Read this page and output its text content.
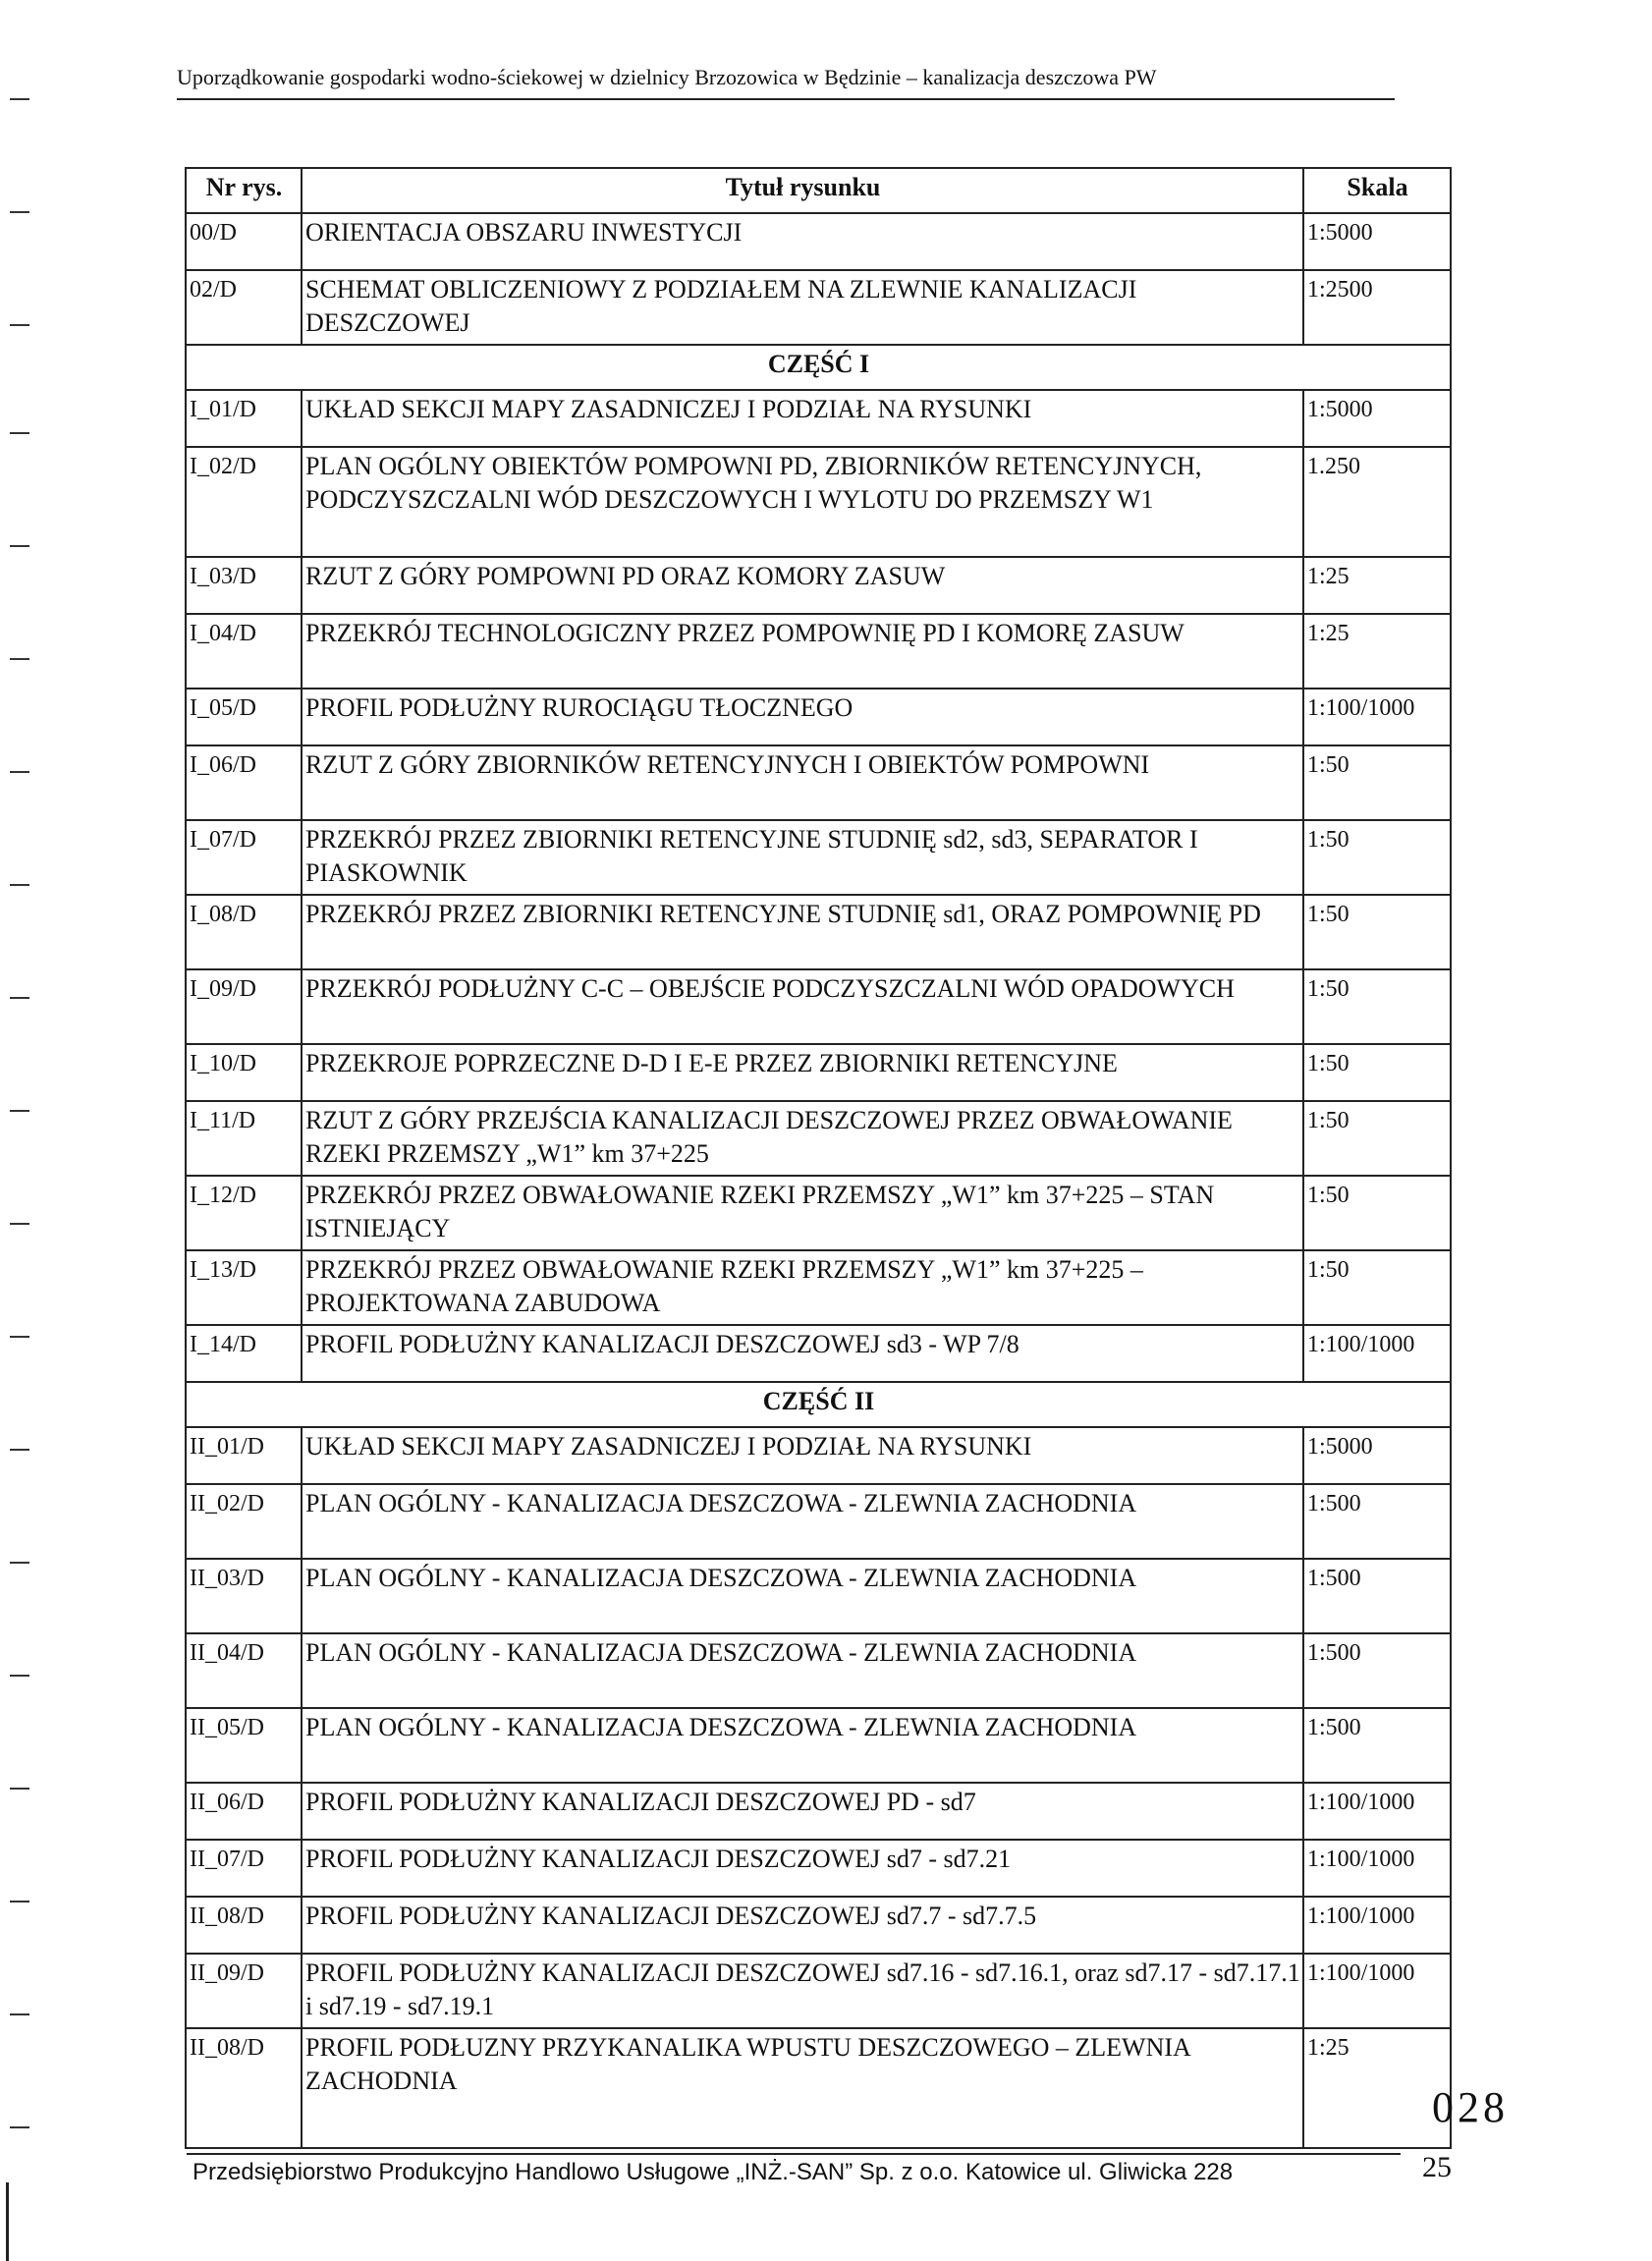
Uporządkowanie gospodarki wodno-ściekowej w dzielnicy Brzozowica w Będzinie – kanalizacja deszczowa PW
Nr rys.	Tytuł rysunku	Skala
00/D	ORIENTACJA OBSZARU INWESTYCJI	1:5000
02/D	SCHEMAT OBLICZENIOWY Z PODZIAŁEM NA ZLEWNIE KANALIZACJI DESZCZOWEJ	1:2500
CZĘŚĆ I		
I_01/D	UKŁAD SEKCJI MAPY ZASADNICZEJ I PODZIAŁ NA RYSUNKI	1:5000
I_02/D	PLAN OGÓLNY OBIEKTÓW POMPOWNI PD, ZBIORNIKÓW RETENCYJNYCH, PODCZYSZCZALNI WÓD DESZCZOWYCH I WYLOTU DO PRZEMSZY W1	1.250
I_03/D	RZUT Z GÓRY POMPOWNI PD ORAZ KOMORY ZASUW	1:25
I_04/D	PRZEKRÓJ TECHNOLOGICZNY PRZEZ POMPOWNIĘ PD I KOMORĘ ZASUW	1:25
I_05/D	PROFIL PODŁUŻNY RUROCIĄGU TŁOCZNEGO	1:100/1000
I_06/D	RZUT Z GÓRY ZBIORNIKÓW RETENCYJNYCH I OBIEKTÓW POMPOWNI	1:50
I_07/D	PRZEKRÓJ PRZEZ ZBIORNIKI RETENCYJNE STUDNIĘ sd2, sd3, SEPARATOR I PIASKOWNIK	1:50
I_08/D	PRZEKRÓJ PRZEZ ZBIORNIKI RETENCYJNE STUDNIĘ sd1, ORAZ POMPOWNIĘ PD	1:50
I_09/D	PRZEKRÓJ PODŁUŻNY C-C – OBEJŚCIE PODCZYSZCZALNI WÓD OPADOWYCH	1:50
I_10/D	PRZEKROJE POPRZECZNE D-D I E-E PRZEZ ZBIORNIKI RETENCYJNE	1:50
I_11/D	RZUT Z GÓRY PRZEJŚCIA KANALIZACJI DESZCZOWEJ PRZEZ OBWAŁOWANIE RZEKI PRZEMSZY „W1” km 37+225	1:50
I_12/D	PRZEKRÓJ PRZEZ OBWAŁOWANIE RZEKI PRZEMSZY „W1” km 37+225 – STAN ISTNIEJĄCY	1:50
I_13/D	PRZEKRÓJ PRZEZ OBWAŁOWANIE RZEKI PRZEMSZY „W1” km 37+225 – PROJEKTOWANA ZABUDOWA	1:50
I_14/D	PROFIL PODŁUŻNY KANALIZACJI DESZCZOWEJ sd3 - WP 7/8	1:100/1000
CZĘŚĆ II		
II_01/D	UKŁAD SEKCJI MAPY ZASADNICZEJ I PODZIAŁ NA RYSUNKI	1:5000
II_02/D	PLAN OGÓLNY - KANALIZACJA DESZCZOWA - ZLEWNIA ZACHODNIA	1:500
II_03/D	PLAN OGÓLNY - KANALIZACJA DESZCZOWA - ZLEWNIA ZACHODNIA	1:500
II_04/D	PLAN OGÓLNY - KANALIZACJA DESZCZOWA - ZLEWNIA ZACHODNIA	1:500
II_05/D	PLAN OGÓLNY - KANALIZACJA DESZCZOWA - ZLEWNIA ZACHODNIA	1:500
II_06/D	PROFIL PODŁUŻNY KANALIZACJI DESZCZOWEJ PD - sd7	1:100/1000
II_07/D	PROFIL PODŁUŻNY KANALIZACJI DESZCZOWEJ sd7 - sd7.21	1:100/1000
II_08/D	PROFIL PODŁUŻNY KANALIZACJI DESZCZOWEJ sd7.7 - sd7.7.5	1:100/1000
II_09/D	PROFIL PODŁUŻNY KANALIZACJI DESZCZOWEJ sd7.16 - sd7.16.1, oraz sd7.17 - sd7.17.1 i sd7.19 - sd7.19.1	1:100/1000
II_08/D	PROFIL PODŁUZNY PRZYKANALIKA WPUSTU DESZCZOWEGO – ZLEWNIA ZACHODNIA	1:25
028
Przedsiębiorstwo Produkcyjno Handlowo Usługowe „INŻ.-SAN” Sp. z o.o. Katowice ul. Gliwicka 228	25
